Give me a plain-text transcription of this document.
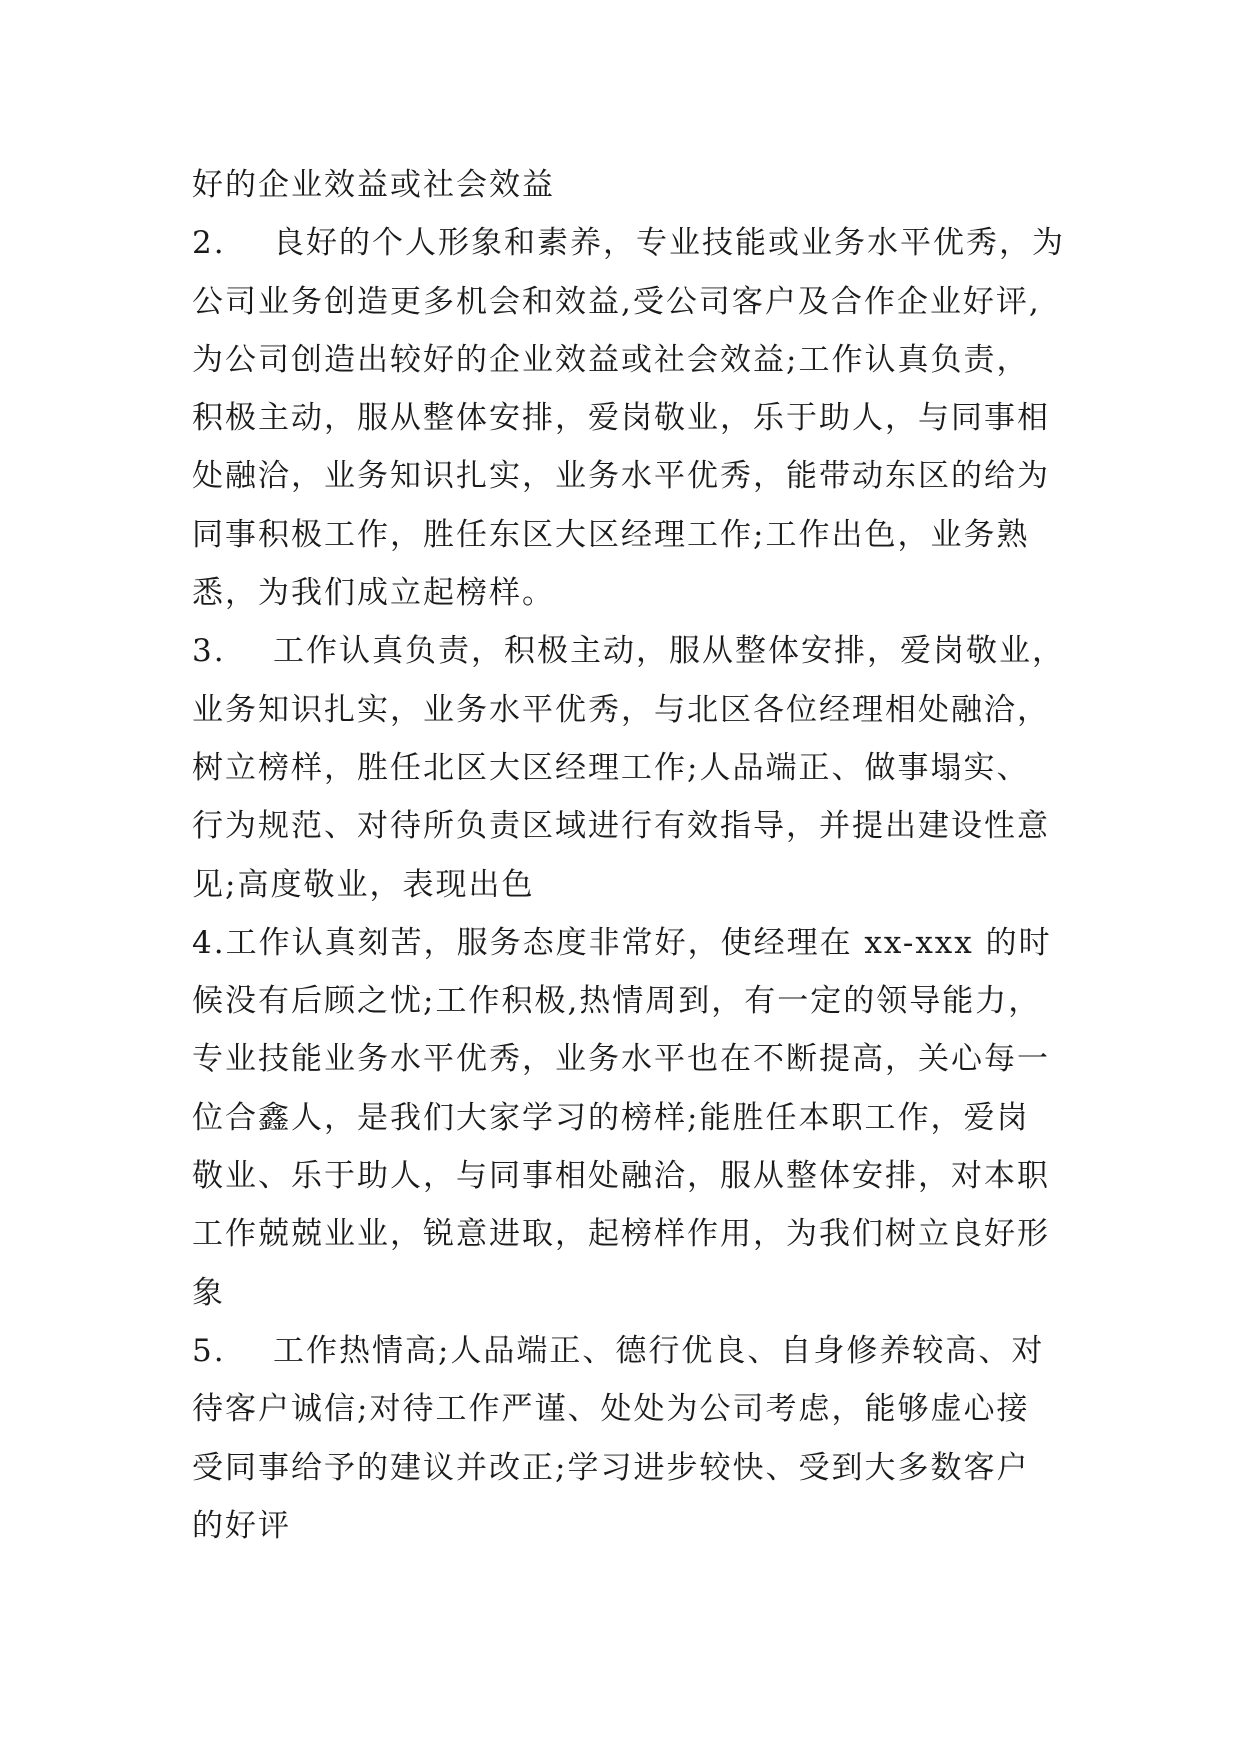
好的企业效益或社会效益
2.    良好的个人形象和素养，专业技能或业务水平优秀，为
公司业务创造更多机会和效益,受公司客户及合作企业好评,
为公司创造出较好的企业效益或社会效益;工作认真负责，
积极主动，服从整体安排，爱岗敬业，乐于助人，与同事相
处融洽，业务知识扎实，业务水平优秀，能带动东区的给为
同事积极工作，胜任东区大区经理工作;工作出色，业务熟
悉，为我们成立起榜样。
3.    工作认真负责，积极主动，服从整体安排，爱岗敬业，
业务知识扎实，业务水平优秀，与北区各位经理相处融洽，
树立榜样，胜任北区大区经理工作;人品端正、做事塌实、
行为规范、对待所负责区域进行有效指导，并提出建设性意
见;高度敬业，表现出色
4.工作认真刻苦，服务态度非常好，使经理在 xx-xxx 的时
候没有后顾之忧;工作积极,热情周到，有一定的领导能力，
专业技能业务水平优秀，业务水平也在不断提高，关心每一
位合鑫人，是我们大家学习的榜样;能胜任本职工作，爱岗
敬业、乐于助人，与同事相处融洽，服从整体安排，对本职
工作兢兢业业，锐意进取，起榜样作用，为我们树立良好形
象
5.    工作热情高;人品端正、德行优良、自身修养较高、对
待客户诚信;对待工作严谨、处处为公司考虑，能够虚心接
受同事给予的建议并改正;学习进步较快、受到大多数客户
的好评
